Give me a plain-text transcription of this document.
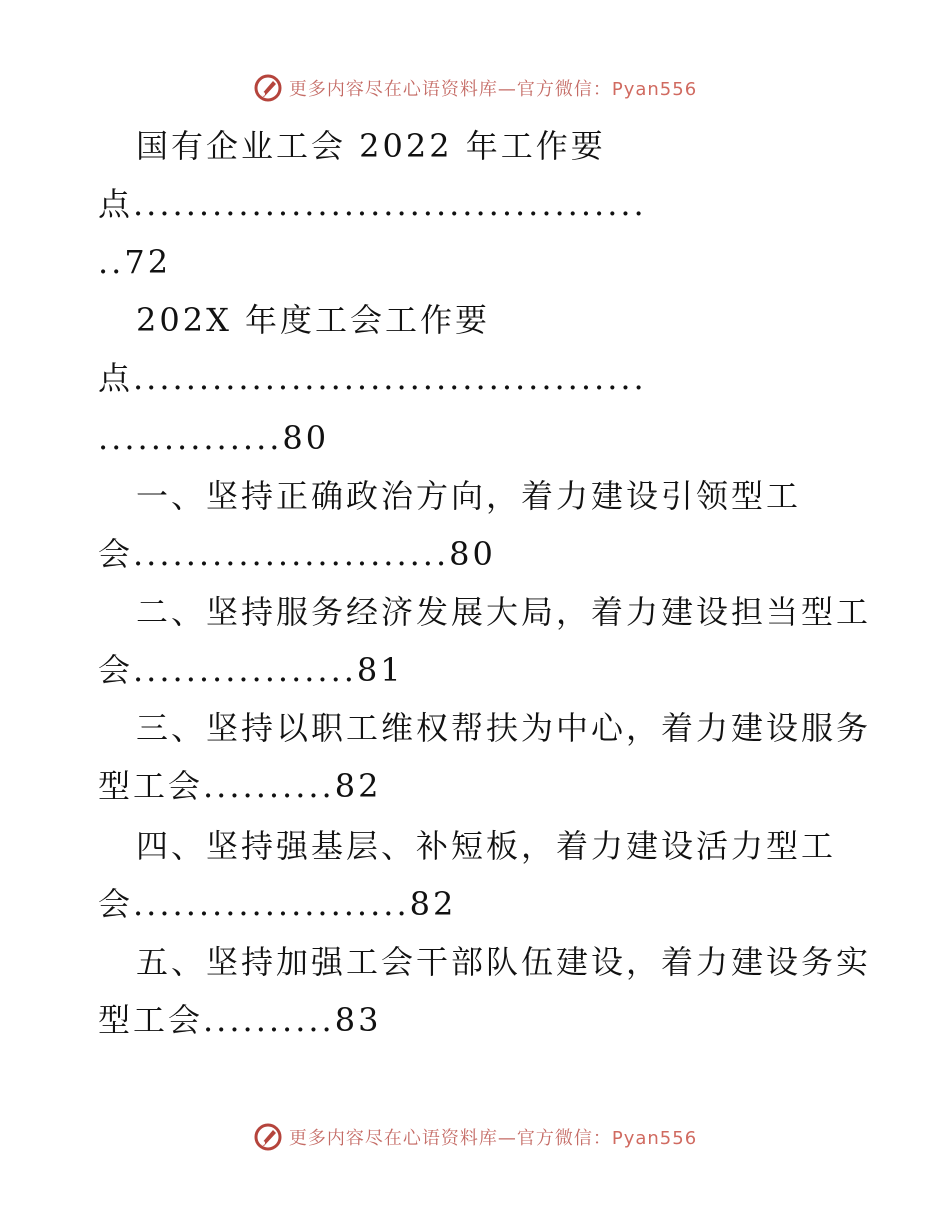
更多内容尽在心语资料库—官方微信：Pyan556
国有企业工会 2022 年工作要
点.......................................
..72
202X 年度工会工作要
点.......................................
..............80
一、坚持正确政治方向，着力建设引领型工
会........................80
二、坚持服务经济发展大局，着力建设担当型工
会.................81
三、坚持以职工维权帮扶为中心，着力建设服务
型工会..........82
四、坚持强基层、补短板，着力建设活力型工
会.....................82
五、坚持加强工会干部队伍建设，着力建设务实
型工会..........83
更多内容尽在心语资料库—官方微信：Pyan556
